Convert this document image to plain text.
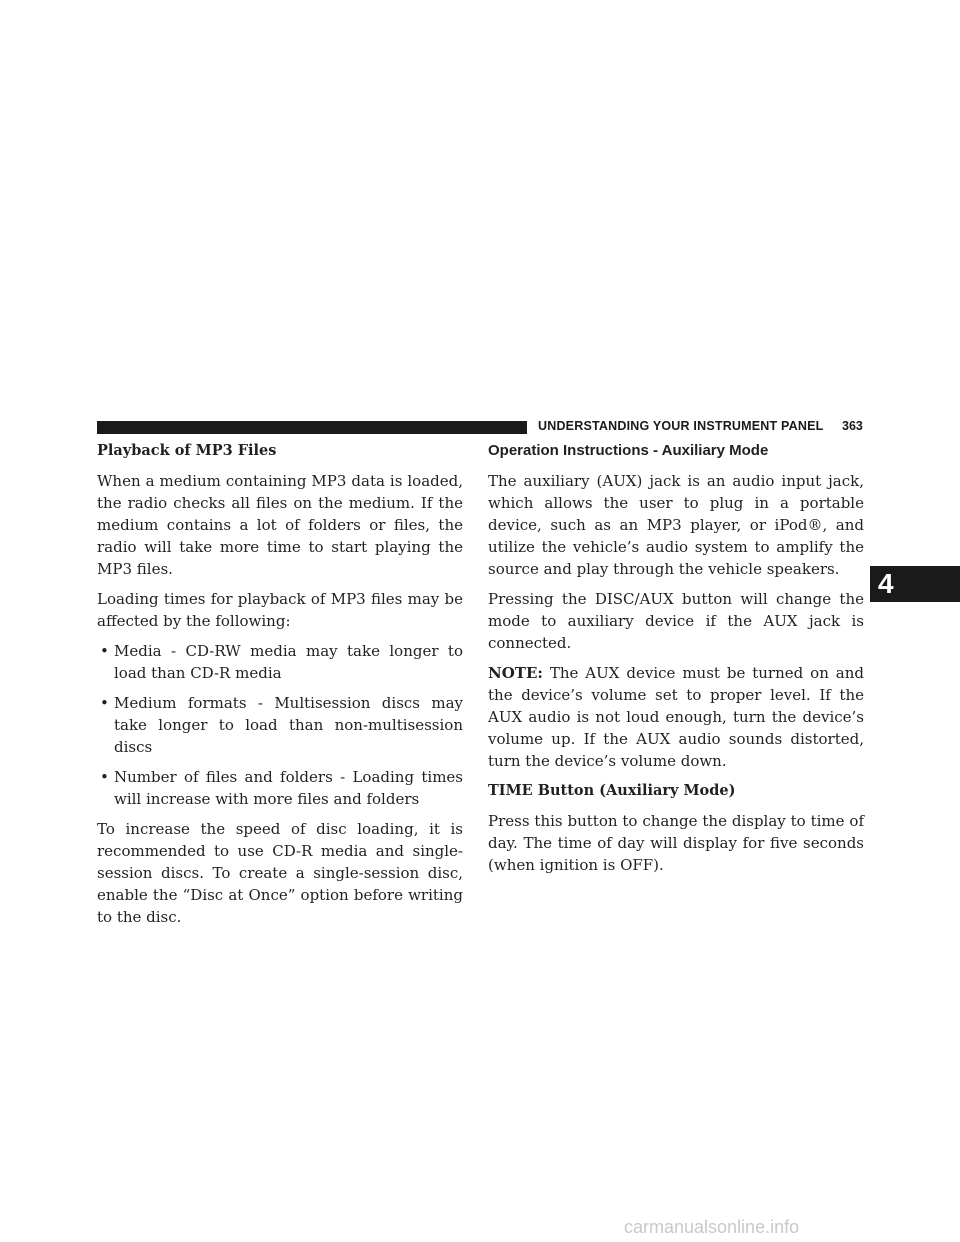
UNDERSTANDING YOUR INSTRUMENT PANEL 363
Playback of MP3 Files

When a medium containing MP3 data is loaded, the radio checks all files on the medium. If the medium contains a lot of folders or files, the radio will take more time to start playing the MP3 files.

Loading times for playback of MP3 files may be affected by the following:

• Media - CD-RW media may take longer to load than CD-R media
• Medium formats - Multisession discs may take longer to load than non-multisession discs
• Number of files and folders - Loading times will increase with more files and folders

To increase the speed of disc loading, it is recommended to use CD-R media and single-session discs. To create a single-session disc, enable the “Disc at Once” option before writing to the disc.

Operation Instructions - Auxiliary Mode

The auxiliary (AUX) jack is an audio input jack, which allows the user to plug in a portable device, such as an MP3 player, or iPod®, and utilize the vehicle’s audio system to amplify the source and play through the vehicle speakers.

Pressing the DISC/AUX button will change the mode to auxiliary device if the AUX jack is connected.

NOTE: The AUX device must be turned on and the device’s volume set to proper level. If the AUX audio is not loud enough, turn the device’s volume up. If the AUX audio sounds distorted, turn the device’s volume down.

TIME Button (Auxiliary Mode)

Press this button to change the display to time of day. The time of day will display for five seconds (when ignition is OFF).

4
carmanualsonline.info
